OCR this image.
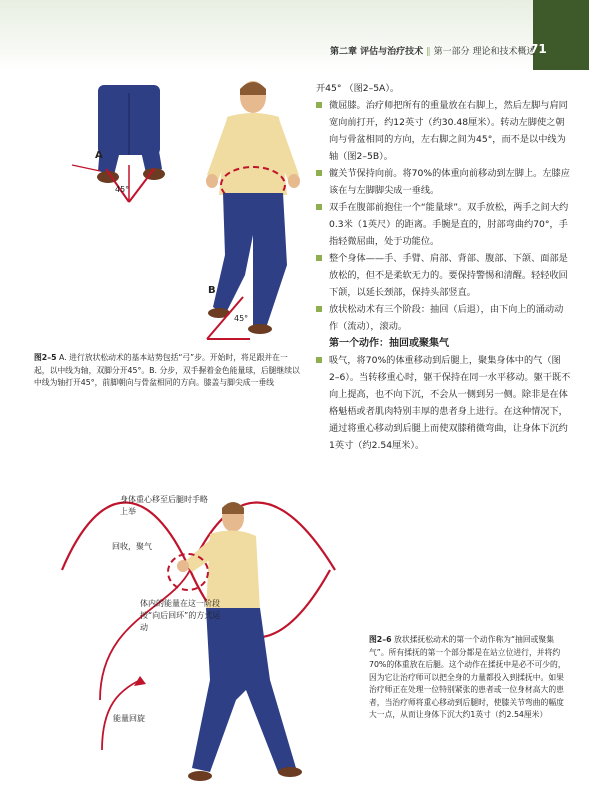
第二章 评估与治疗技术 ‖ 第一部分 理论和技术概述
71
A
45°
B
45°
图2–5 A. 进行放状松动术的基本站势包括“弓”步。开始时，将足跟并在一起，以中线为轴，双脚分开45°。B. 分步，双手握着金色能量球，后腿继续以中线为轴打开45°，前脚朝向与骨盆相同的方向。膝盖与脚尖成一垂线

开45° （图2–5A）。

微屈膝。治疗师把所有的重量放在右脚上，然后左脚与肩同宽向前打开，约12英寸（约30.48厘米）。转动左脚使之朝向与骨盆相同的方向，左右脚之间为45°，而不是以中线为轴（图2–5B）。

髋关节保持向前。将70%的体重向前移动到左脚上。左膝应该在与左脚脚尖成一垂线。

双手在腹部前抱住一个“能量球”。双手放松，两手之间大约0.3米（1英尺）的距离。手腕是直的，肘部弯曲约70°，手指轻微屈曲，处于功能位。

整个身体——手、手臂、肩部、背部、腹部、下颌、面部是放松的，但不是柔软无力的。要保持警惕和清醒。轻轻收回下颌，以延长颈部，保持头部竖直。

放状松动术有三个阶段：抽回（后退），由下向上的涌动动作（流动），滚动。

第一个动作：抽回或聚集气

吸气，将70%的体重移动到后腿上，聚集身体中的气（图2–6）。当转移重心时，躯干保持在同一水平移动。躯干既不向上提高，也不向下沉，不会从一侧到另一侧。除非是在体格魁梧或者肌肉特别丰厚的患者身上进行。在这种情况下，通过将重心移动到后腿上而使双膝稍微弯曲，让身体下沉约1英寸（约2.54厘米）。

身体重心移至后腿时手略上举
回收，聚气
体内的能量在这一阶段按“向后回环”的方式运动
能量回旋
图2–6 放状揉抚松动术的第一个动作称为“抽回或聚集气”。所有揉抚的第一个部分都是在站立位进行，并将约70%的体重放在后腿。这个动作在揉抚中是必不可少的，因为它让治疗师可以把全身的力量都投入到揉抚中。如果治疗师正在处理一位特别紧张的患者或一位身材高大的患者，当治疗师将重心移动到后腿时，使膝关节弯曲的幅度大一点，从而让身体下沉大约1英寸（约2.54厘米）
